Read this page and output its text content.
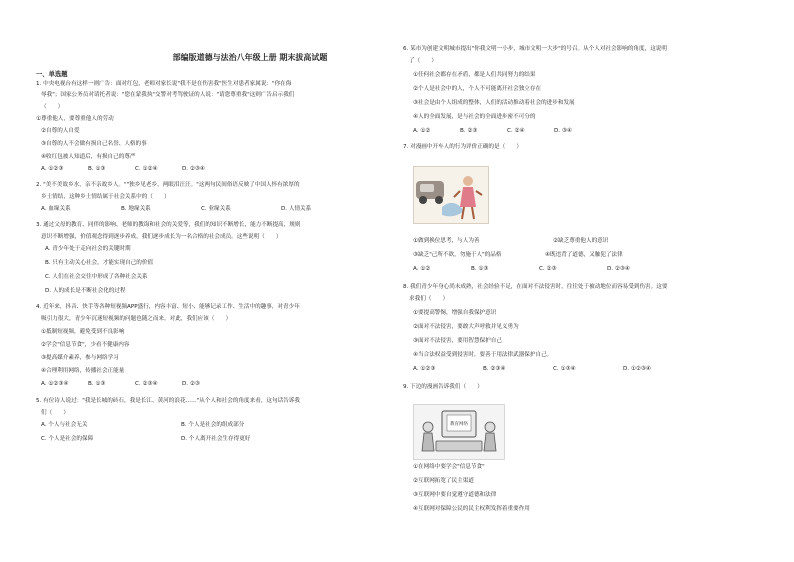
部编版道德与法治八年级上册 期末拔高试题
一、单选题
1. 中央电视台有这样一则广告：面对红包，老师对家长说"我不是在伤害我"医生对患者家属说："你在侮
辱我"；国家公务员对请托者说："您在蒙我执"交警对考驾驶证的人说："请您尊重我"这则广告启示我们
（　　）
①尊重他人，要尊重他人的劳动
②自尊的人自爱
③自尊的人不会做有损自己名誉、人格的事
④收红包被人知道后，有损自己的尊严
A. ①②③	B. ①③	C. ①②④	D. ②③④
2. "美不美故乡水，亲不亲故乡人。""独乡见老乡，两眼泪汪汪。"这两句民间俗语反映了中国人怀有浓厚的
乡土情结，这种乡土情结属于社会关系中的（　　）
A. 血缘关系	B. 地缘关系	C. 业缘关系	D. 人情关系
3. 通过父母的教育、同伴的影响、老师的教诲和社会的关爱等，我们的知识不断增长，能力不断提高，规则
意识不断增强，价值观念得到逐步养成，我们逐步成长为一名合格的社会成员。这些说明（　　）
A. 青少年处于走向社会的关键时期
B. 只有主动关心社会，才能实现自己的价值
C. 人们在社会交往中形成了各种社会关系
D. 人的成长是不断社会化的过程
4. 近年来，抖音、快手等各种短视频APP盛行，内容丰富、短小、能够记录工作、生活中的趣事，对青少年
吸引力很大，青少年沉迷短视频的问题也随之而来。对此，我们应该（　　）
①抵制短视频，避免受到不良影响
②学会"信息节食"，少看不健康内容
③提高媒介素养，参与网络学习
④合理利用网络，传播社会正能量
A. ①②③④	B. ①③	C. ②③④	D. ②③
5. 有位诗人说过："我是长城的砖石，我是长江、黄河的浪花……"从个人和社会的角度来看，这句话告诉我
们（　　）
A. 个人与社会无关	B. 个人是社会的组成部分
C. 个人是社会的保障	D. 个人离开社会生存得更好
6. 某市为创建文明城市提出"你我文明一小步，城市文明一大步"的号召。从个人对社会影响的角度，这说明
了（　　）
①任何社会都存在矛盾，都是人们共同努力的结果
②个人是社会中的人，个人不可能离开社会独立存在
③社会是由个人组成的整体，人们的活动推动着社会的进步和发展
④人的全面发展，是与社会的全面进步密不可分的
A. ①②	B. ②③	C. ②④	D. ③④
7. 对漫画中开车人的行为评价正确的是（　　）
①做到换位思考，与人为善	②缺乏尊重他人的意识
③缺乏"己所不欲，勿施于人"的品格	④既违背了道德，又触犯了法律
A. ①②	B. ①③	C. ②③	D. ②③④
8. 我们青少年身心尚未成熟，社会经验不足，在面对不法侵害时，往往处于被动地位而容易受到伤害。这要
求我们（　　）
①要提高警惕，增强自我保护意识
②面对不法侵害，要敢大声呼救并见义勇为
③面对不法侵害，要用智慧保护自己
④当合法权益受到侵害时，要善于用法律武器保护自己。
A. ①②③	B. ②③④	C. ①③④	D. ①②③④
9. 下边的漫画告诉我们（　　）
教育网络
①在网络中要学会"信息节食"
②互联网拓宽了民主渠道
③互联网中要自觉遵守道德和法律
④互联网对保障公民的民主权利发挥着重要作用
